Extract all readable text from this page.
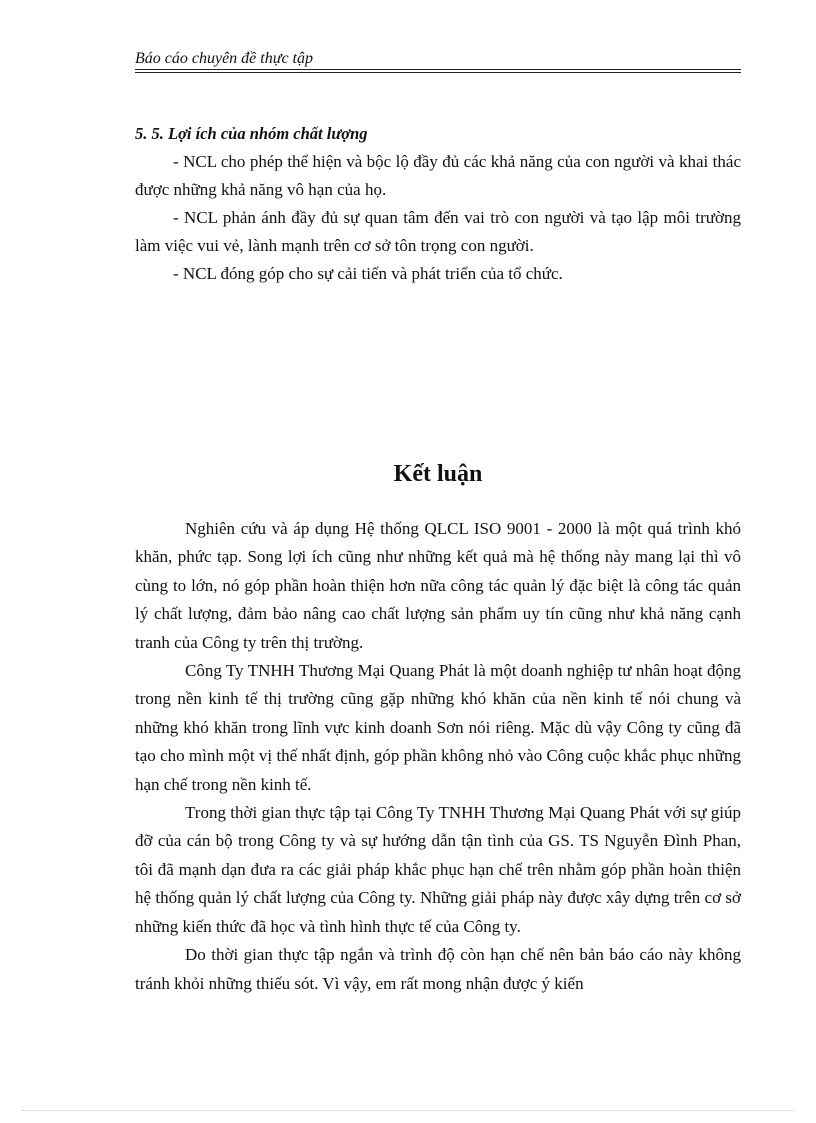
Báo cáo chuyên đề thực tập

5. 5. Lợi ích của nhóm chất lượng

- NCL cho phép thể hiện và bộc lộ đầy đủ các khả năng của con người và khai thác được những khả năng vô hạn của họ.

- NCL phản ánh đầy đủ sự quan tâm đến vai trò con người và tạo lập môi trường làm việc vui vẻ, lành mạnh trên cơ sở tôn trọng con người.

- NCL đóng góp cho sự cải tiến và phát triển của tổ chức.

Kết luận

Nghiên cứu và áp dụng Hệ thống QLCL ISO 9001 - 2000 là một quá trình khó khăn, phức tạp. Song lợi ích cũng như những kết quả mà hệ thống này mang lại thì vô cùng to lớn, nó góp phần hoàn thiện hơn nữa công tác quản lý đặc biệt là công tác quản lý chất lượng, đảm bảo nâng cao chất lượng sản phẩm uy tín cũng như khả năng cạnh tranh của Công ty trên thị trường.

Công Ty TNHH Thương Mại Quang Phát là một doanh nghiệp tư nhân hoạt động trong nền kinh tế thị trường cũng gặp những khó khăn của nền kinh tế nói chung và những khó khăn trong lĩnh vực kinh doanh Sơn nói riêng. Mặc dù vậy Công ty cũng đã tạo cho mình một vị thế nhất định, góp phần không nhỏ vào Công cuộc khắc phục những hạn chế trong nền kinh tế.

Trong thời gian thực tập tại Công Ty TNHH Thương Mại Quang Phát với sự giúp đỡ của cán bộ trong Công ty và sự hướng dẫn tận tình của GS. TS Nguyễn Đình Phan, tôi đã mạnh dạn đưa ra các giải pháp khắc phục hạn chế trên nhằm góp phần hoàn thiện hệ thống quản lý chất lượng của Công ty. Những giải pháp này được xây dựng trên cơ sở những kiến thức đã học và tình hình thực tế của Công ty.

Do thời gian thực tập ngắn và trình độ còn hạn chế nên bản báo cáo này không tránh khỏi những thiếu sót. Vì vậy, em rất mong nhận được ý kiến
